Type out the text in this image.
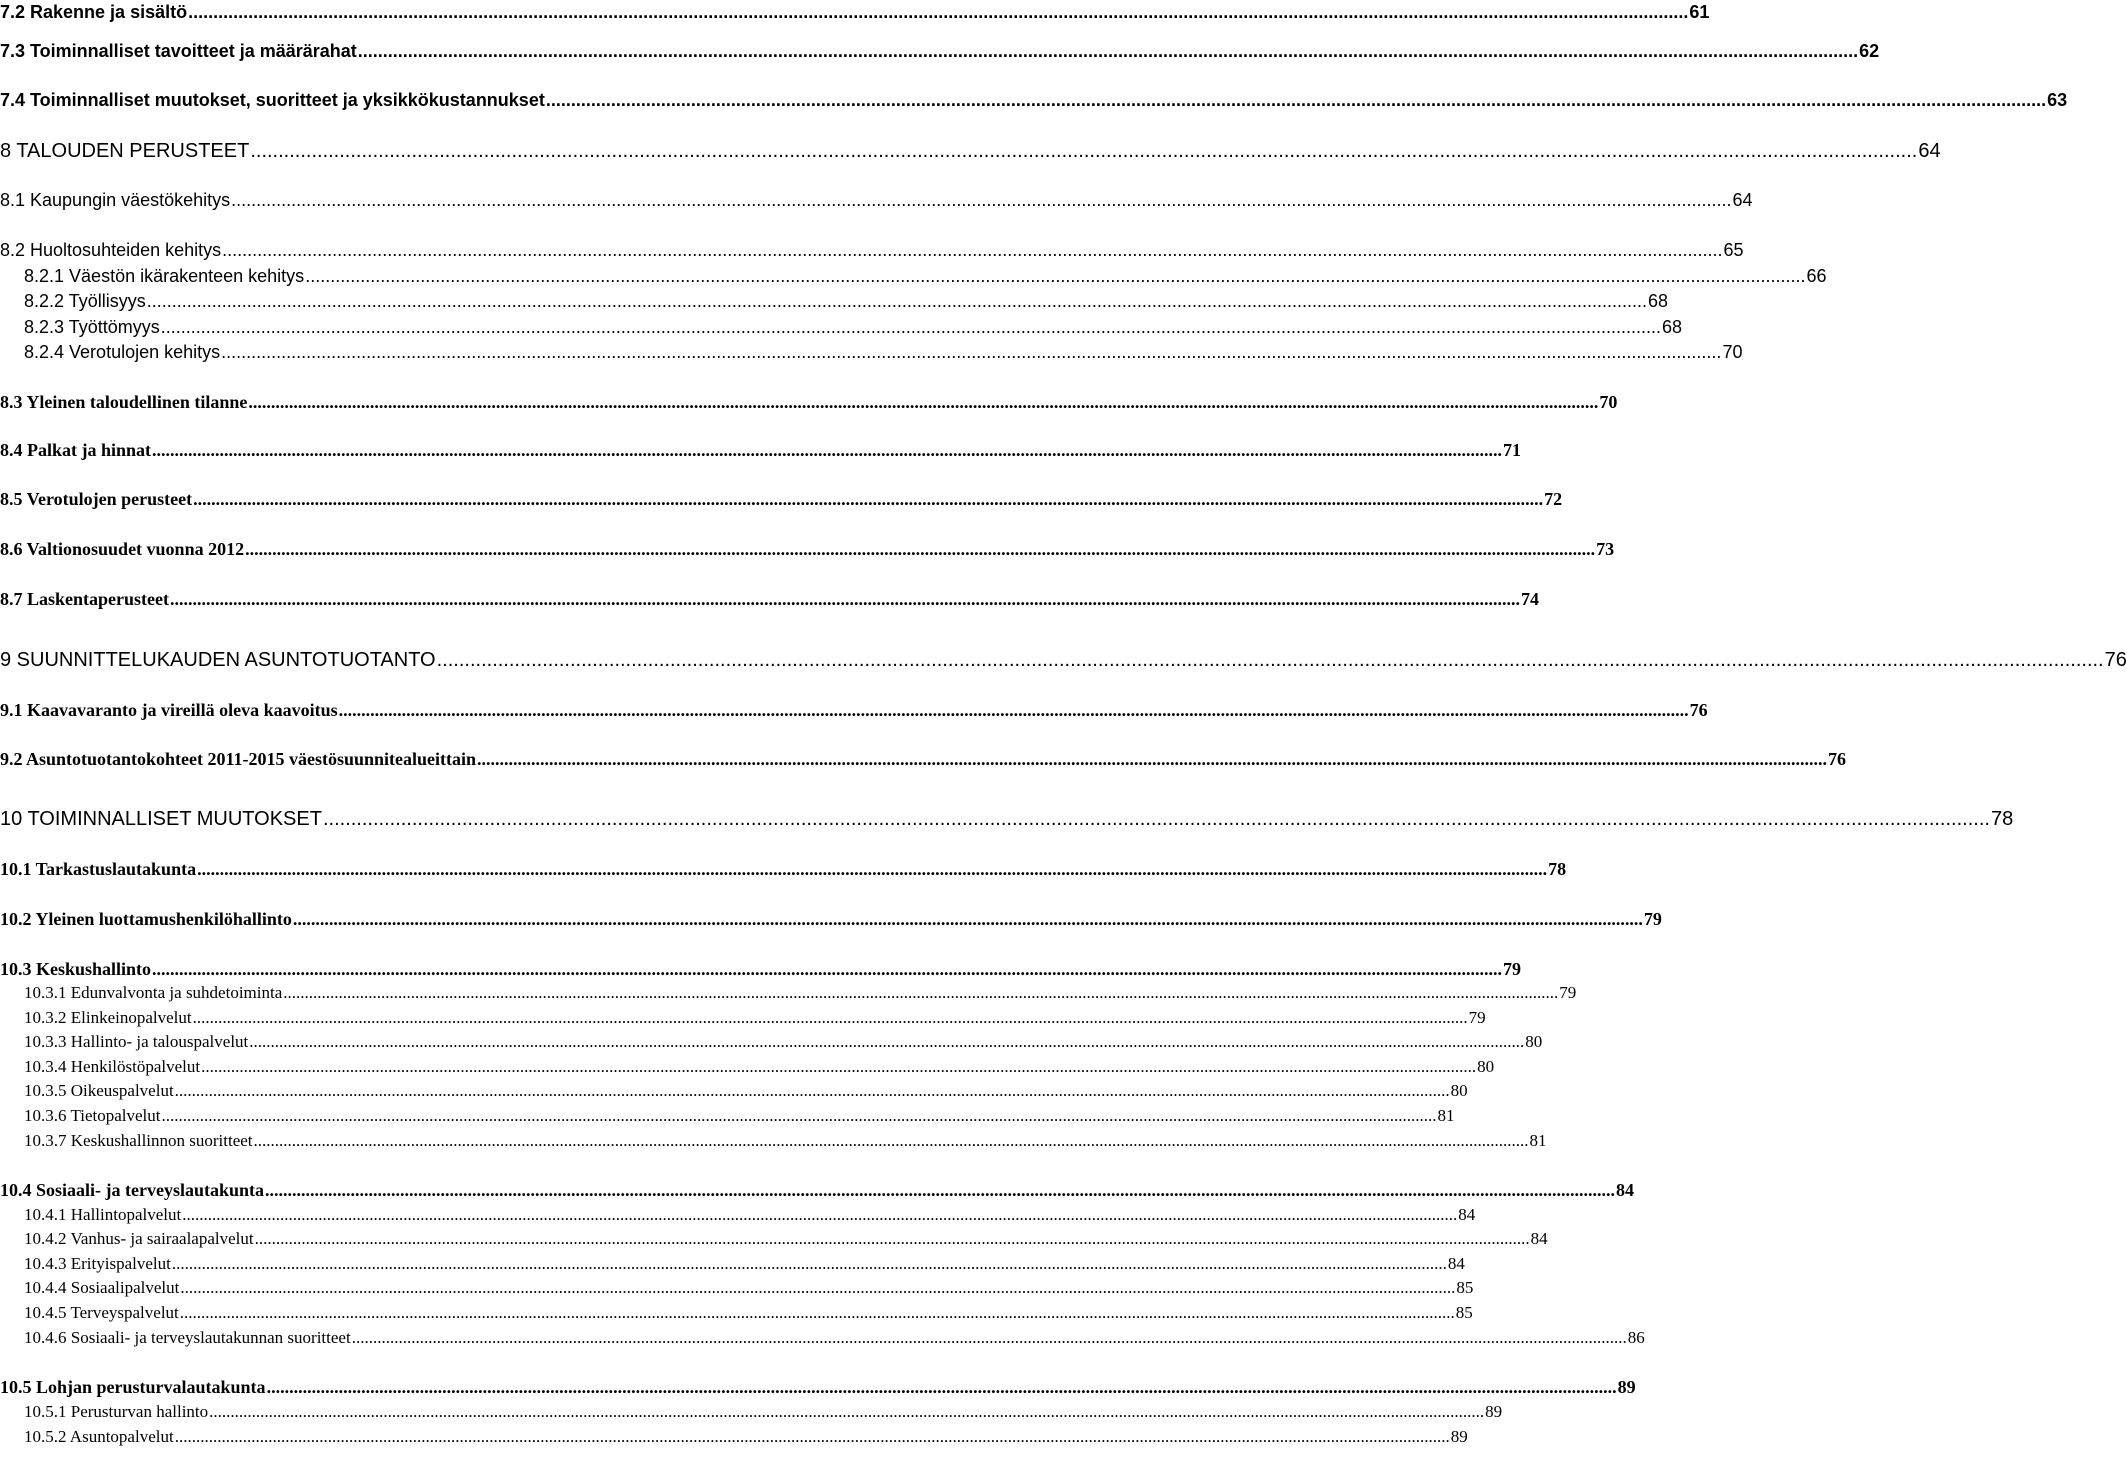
7.2 Rakenne ja sisältö ............................................................................................................................................................................................................................................................................................................ 61
7.3 Toiminnalliset tavoitteet ja määrärahat ............................................................................................................................................................................................................................................................................................................ 62
7.4 Toiminnalliset muutokset, suoritteet ja yksikkökustannukset ............................................................................................................................................................................................................................................................................................................ 63
8 TALOUDEN PERUSTEET ............................................................................................................................................................................................................................................................................................................ 64
8.1 Kaupungin väestökehitys ............................................................................................................................................................................................................................................................................................................ 64
8.2 Huoltosuhteiden kehitys ............................................................................................................................................................................................................................................................................................................ 65
8.2.1 Väestön ikärakenteen kehitys ............................................................................................................................................................................................................................................................................................................ 66
8.2.2 Työllisyys ............................................................................................................................................................................................................................................................................................................ 68
8.2.3 Työttömyys ............................................................................................................................................................................................................................................................................................................ 68
8.2.4 Verotulojen kehitys ............................................................................................................................................................................................................................................................................................................ 70
8.3 Yleinen taloudellinen tilanne ............................................................................................................................................................................................................................................................................................................ 70
8.4 Palkat ja hinnat ............................................................................................................................................................................................................................................................................................................ 71
8.5 Verotulojen perusteet ............................................................................................................................................................................................................................................................................................................ 72
8.6 Valtionosuudet vuonna 2012 ............................................................................................................................................................................................................................................................................................................ 73
8.7 Laskentaperusteet ............................................................................................................................................................................................................................................................................................................ 74
9 SUUNNITTELUKAUDEN ASUNTOTUOTANTO ............................................................................................................................................................................................................................................................................................................ 76
9.1 Kaavavaranto ja vireillä oleva kaavoitus ............................................................................................................................................................................................................................................................................................................ 76
9.2 Asuntotuotantokohteet 2011-2015 väestösuunnitealueittain ............................................................................................................................................................................................................................................................................................................ 76
10 TOIMINNALLISET MUUTOKSET ............................................................................................................................................................................................................................................................................................................ 78
10.1 Tarkastuslautakunta ............................................................................................................................................................................................................................................................................................................ 78
10.2 Yleinen luottamushenkilöhallinto ............................................................................................................................................................................................................................................................................................................ 79
10.3 Keskushallinto ............................................................................................................................................................................................................................................................................................................ 79
10.3.1 Edunvalvonta ja suhdetoiminta ............................................................................................................................................................................................................................................................................................................ 79
10.3.2 Elinkeinopalvelut ............................................................................................................................................................................................................................................................................................................ 79
10.3.3 Hallinto- ja talouspalvelut ............................................................................................................................................................................................................................................................................................................ 80
10.3.4 Henkilöstöpalvelut ............................................................................................................................................................................................................................................................................................................ 80
10.3.5 Oikeuspalvelut ............................................................................................................................................................................................................................................................................................................ 80
10.3.6 Tietopalvelut ............................................................................................................................................................................................................................................................................................................ 81
10.3.7 Keskushallinnon suoritteet ............................................................................................................................................................................................................................................................................................................ 81
10.4 Sosiaali- ja terveyslautakunta ............................................................................................................................................................................................................................................................................................................ 84
10.4.1 Hallintopalvelut ............................................................................................................................................................................................................................................................................................................ 84
10.4.2 Vanhus- ja sairaalapalvelut ............................................................................................................................................................................................................................................................................................................ 84
10.4.3 Erityispalvelut ............................................................................................................................................................................................................................................................................................................ 84
10.4.4 Sosiaalipalvelut ............................................................................................................................................................................................................................................................................................................ 85
10.4.5 Terveyspalvelut ............................................................................................................................................................................................................................................................................................................ 85
10.4.6 Sosiaali- ja terveyslautakunnan suoritteet ............................................................................................................................................................................................................................................................................................................ 86
10.5 Lohjan perusturvalautakunta ............................................................................................................................................................................................................................................................................................................ 89
10.5.1 Perusturvan hallinto ............................................................................................................................................................................................................................................................................................................ 89
10.5.2 Asuntopalvelut ............................................................................................................................................................................................................................................................................................................ 89
